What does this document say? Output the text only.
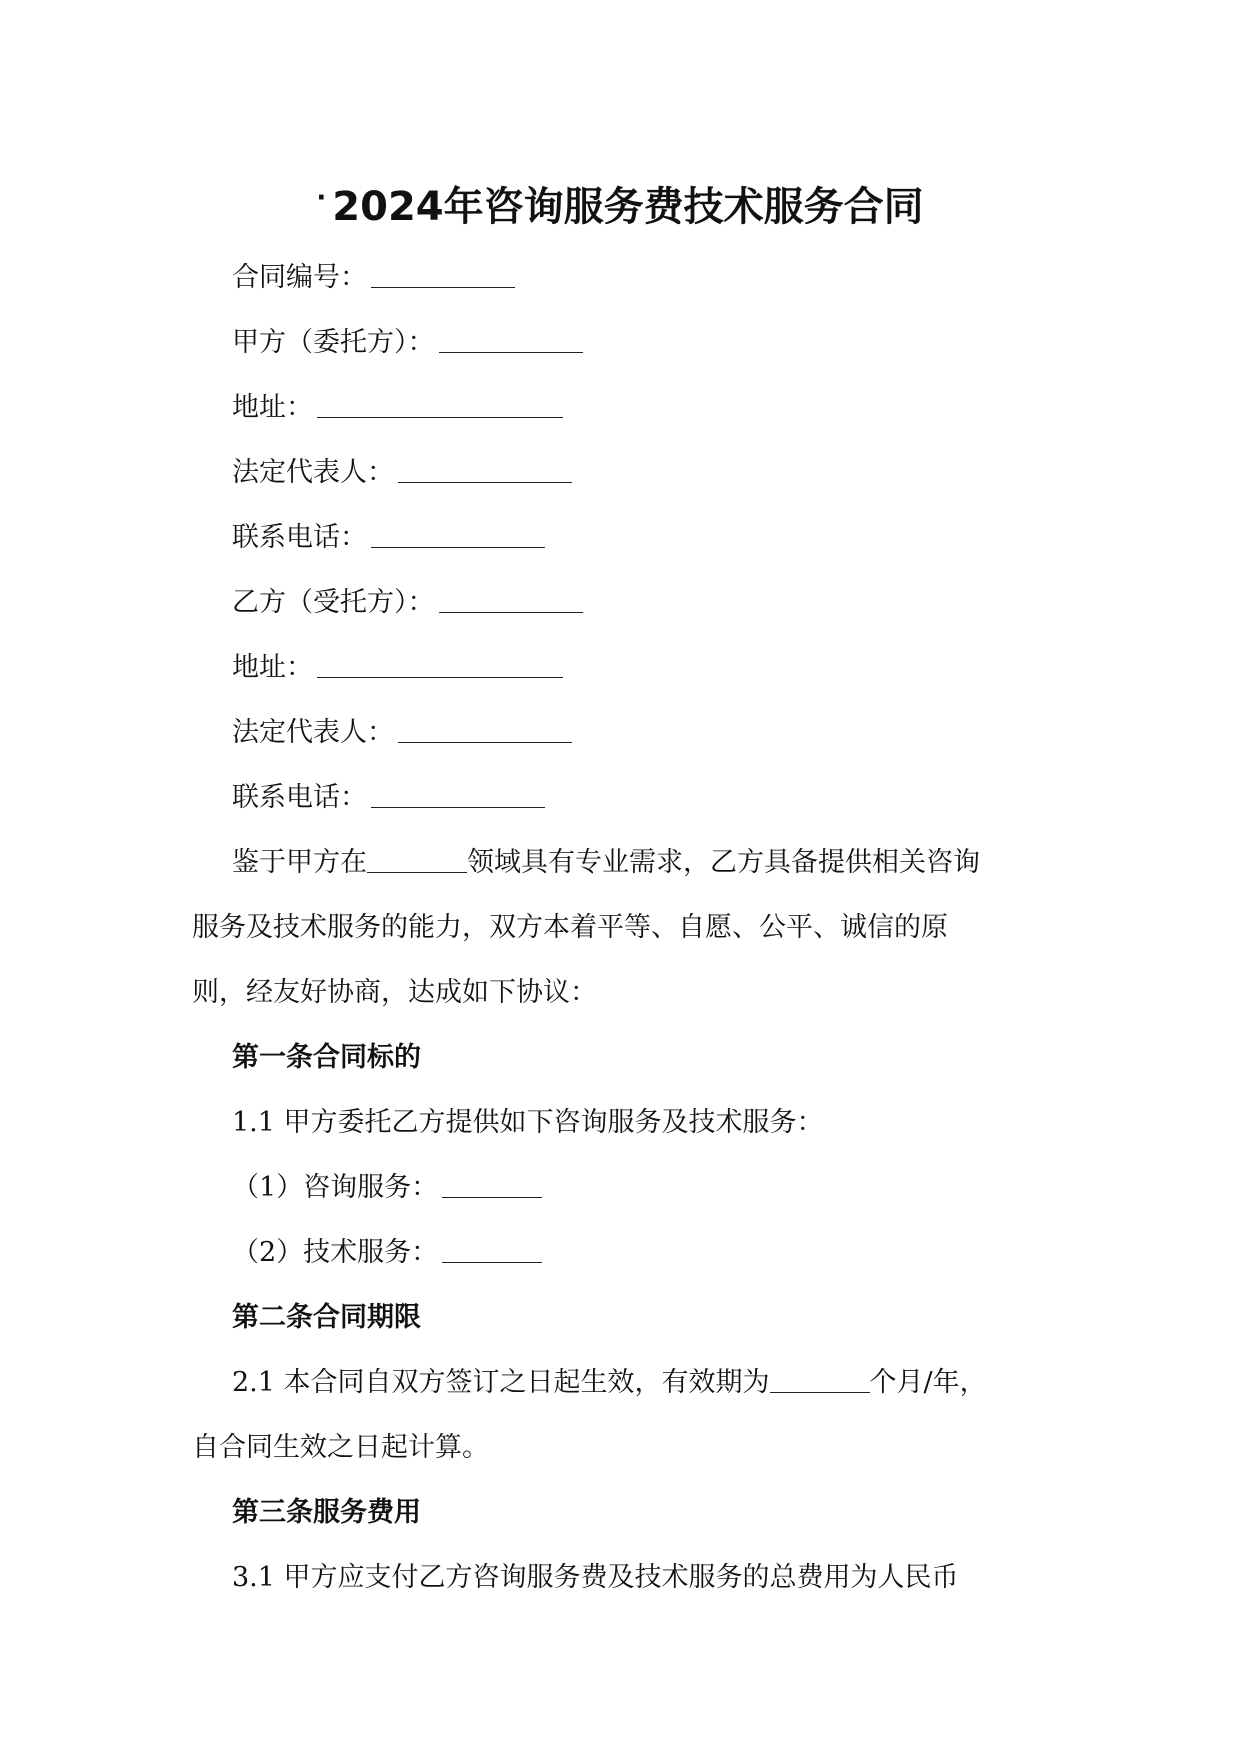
· 2024年咨询服务费技术服务合同
合同编号：
甲方（委托方）：
地址：
法定代表人：
联系电话：
乙方（受托方）：
地址：
法定代表人：
联系电话：
鉴于甲方在	领域具有专业需求，乙方具备提供相关咨询
服务及技术服务的能力，双方本着平等、自愿、公平、诚信的原
则，经友好协商，达成如下协议：
第一条合同标的
1.1 甲方委托乙方提供如下咨询服务及技术服务：
（1）咨询服务：
（2）技术服务：
第二条合同期限
2.1 本合同自双方签订之日起生效，有效期为	个月/年，
自合同生效之日起计算。
第三条服务费用
3.1 甲方应支付乙方咨询服务费及技术服务的总费用为人民币
